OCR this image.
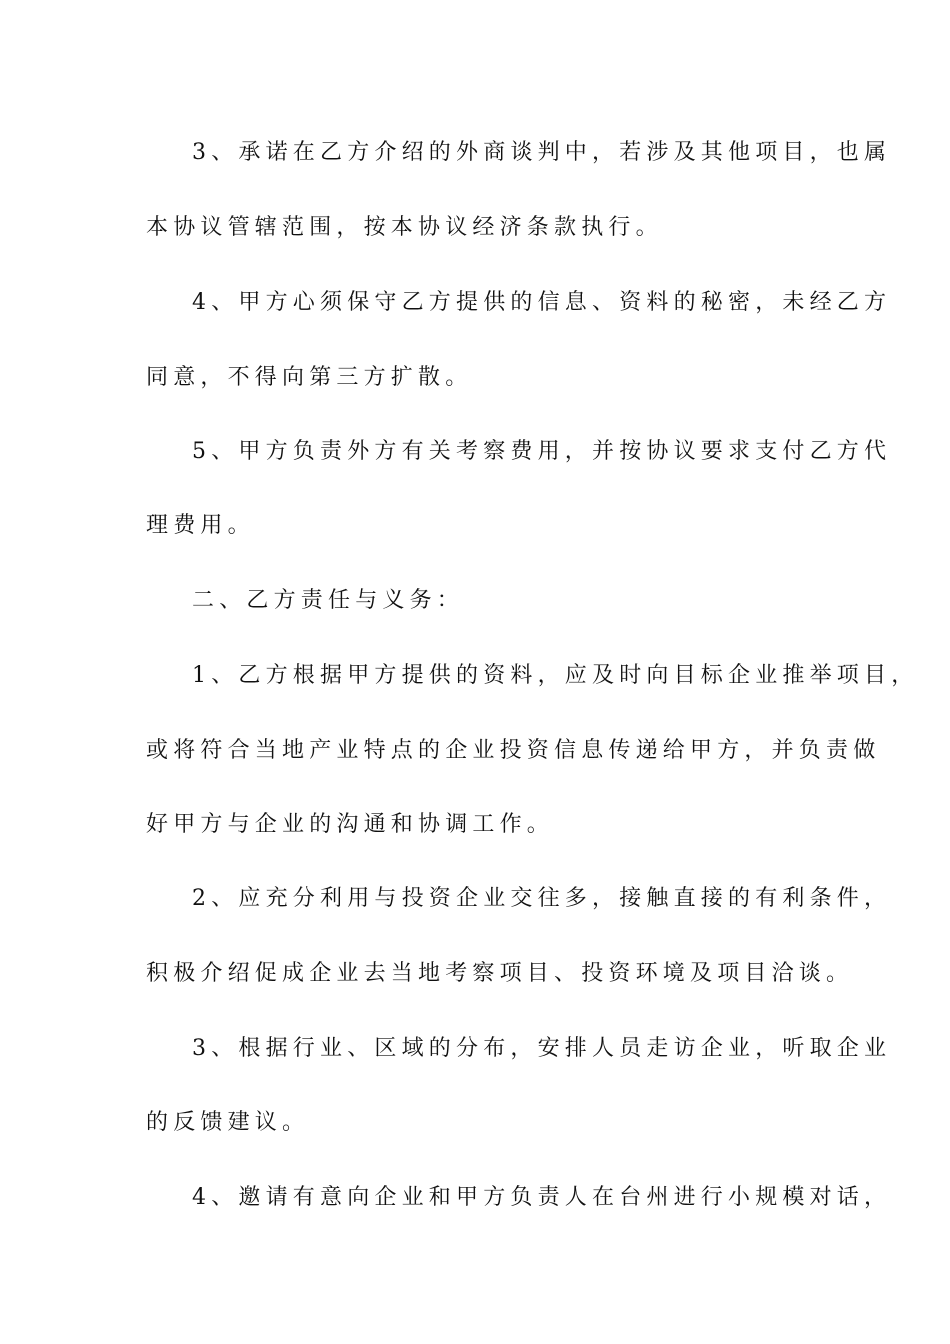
3、承诺在乙方介绍的外商谈判中，若涉及其他项目，也属
本协议管辖范围，按本协议经济条款执行。
4、甲方心须保守乙方提供的信息、资料的秘密，未经乙方
同意，不得向第三方扩散。
5、甲方负责外方有关考察费用，并按协议要求支付乙方代
理费用。
二、乙方责任与义务：
1、乙方根据甲方提供的资料，应及时向目标企业推举项目，
或将符合当地产业特点的企业投资信息传递给甲方，并负责做
好甲方与企业的沟通和协调工作。
2、应充分利用与投资企业交往多，接触直接的有利条件，
积极介绍促成企业去当地考察项目、投资环境及项目洽谈。
3、根据行业、区域的分布，安排人员走访企业，听取企业
的反馈建议。
4、邀请有意向企业和甲方负责人在台州进行小规模对话，
